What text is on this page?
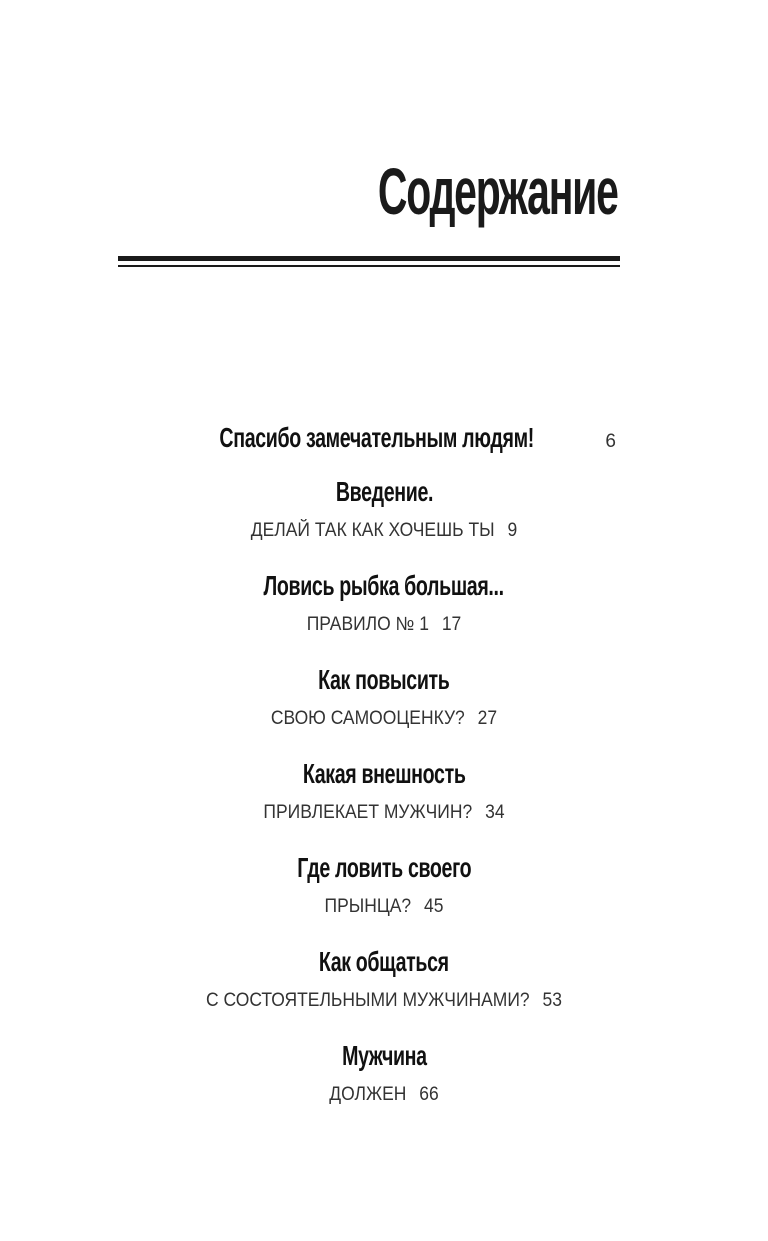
Содержание
Спасибо замечательным людям!	6
Введение.
ДЕЛАЙ ТАК КАК ХОЧЕШЬ ТЫ 9
Ловись рыбка большая...
ПРАВИЛО № 1 17
Как повысить
СВОЮ САМООЦЕНКУ? 27
Какая внешность
ПРИВЛЕКАЕТ МУЖЧИН? 34
Где ловить своего
ПРЫНЦА? 45
Как общаться
С СОСТОЯТЕЛЬНЫМИ МУЖЧИНАМИ? 53
Мужчина
ДОЛЖЕН 66
